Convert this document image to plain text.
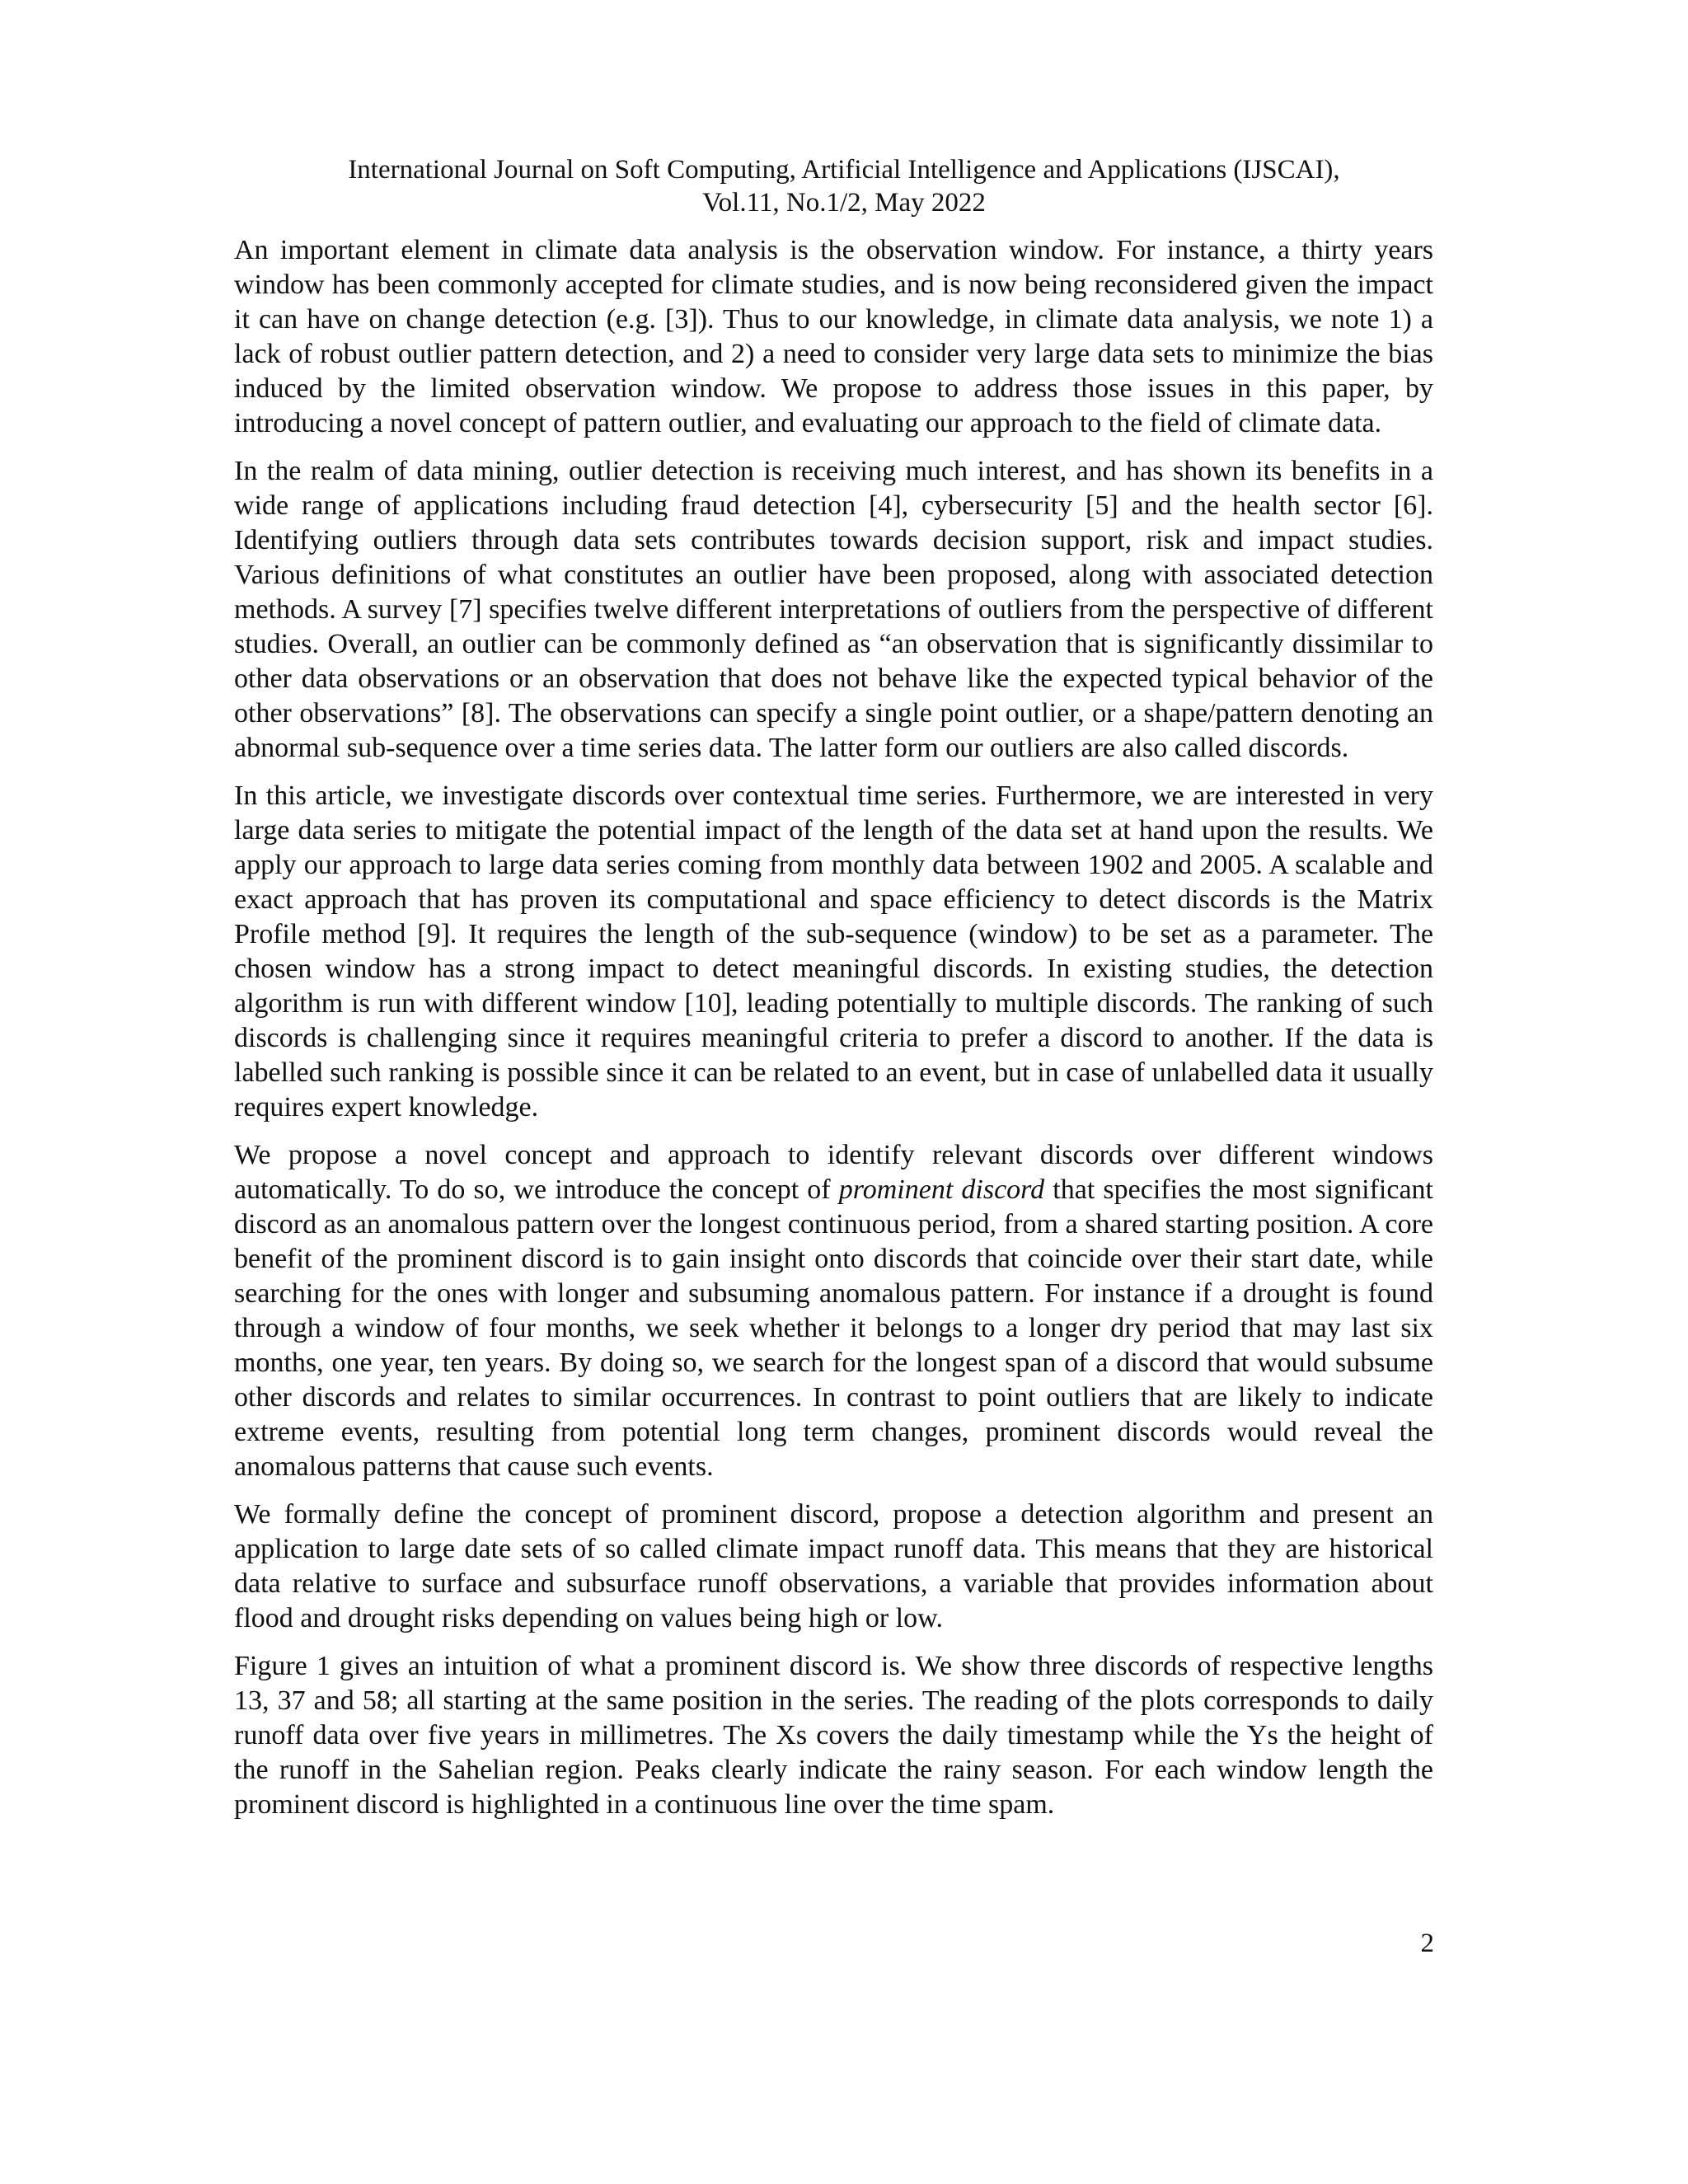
International Journal on Soft Computing, Artificial Intelligence and Applications (IJSCAI),
Vol.11, No.1/2, May 2022

An important element in climate data analysis is the observation window. For instance, a thirty years window has been commonly accepted for climate studies, and is now being reconsidered given the impact it can have on change detection (e.g. [3]). Thus to our knowledge, in climate data analysis, we note 1) a lack of robust outlier pattern detection, and 2) a need to consider very large data sets to minimize the bias induced by the limited observation window. We propose to address those issues in this paper, by introducing a novel concept of pattern outlier, and evaluating our approach to the field of climate data.

In the realm of data mining, outlier detection is receiving much interest, and has shown its benefits in a wide range of applications including fraud detection [4], cybersecurity [5] and the health sector [6]. Identifying outliers through data sets contributes towards decision support, risk and impact studies. Various definitions of what constitutes an outlier have been proposed, along with associated detection methods. A survey [7] specifies twelve different interpretations of outliers from the perspective of different studies. Overall, an outlier can be commonly defined as “an observation that is significantly dissimilar to other data observations or an observation that does not behave like the expected typical behavior of the other observations” [8]. The observations can specify a single point outlier, or a shape/pattern denoting an abnormal sub-sequence over a time series data. The latter form our outliers are also called discords.

In this article, we investigate discords over contextual time series. Furthermore, we are interested in very large data series to mitigate the potential impact of the length of the data set at hand upon the results. We apply our approach to large data series coming from monthly data between 1902 and 2005. A scalable and exact approach that has proven its computational and space efficiency to detect discords is the Matrix Profile method [9]. It requires the length of the sub-sequence (window) to be set as a parameter. The chosen window has a strong impact to detect meaningful discords. In existing studies, the detection algorithm is run with different window [10], leading potentially to multiple discords. The ranking of such discords is challenging since it requires meaningful criteria to prefer a discord to another. If the data is labelled such ranking is possible since it can be related to an event, but in case of unlabelled data it usually requires expert knowledge.

We propose a novel concept and approach to identify relevant discords over different windows automatically. To do so, we introduce the concept of prominent discord that specifies the most significant discord as an anomalous pattern over the longest continuous period, from a shared starting position. A core benefit of the prominent discord is to gain insight onto discords that coincide over their start date, while searching for the ones with longer and subsuming anomalous pattern. For instance if a drought is found through a window of four months, we seek whether it belongs to a longer dry period that may last six months, one year, ten years. By doing so, we search for the longest span of a discord that would subsume other discords and relates to similar occurrences. In contrast to point outliers that are likely to indicate extreme events, resulting from potential long term changes, prominent discords would reveal the anomalous patterns that cause such events.

We formally define the concept of prominent discord, propose a detection algorithm and present an application to large date sets of so called climate impact runoff data. This means that they are historical data relative to surface and subsurface runoff observations, a variable that provides information about flood and drought risks depending on values being high or low.

Figure 1 gives an intuition of what a prominent discord is. We show three discords of respective lengths 13, 37 and 58; all starting at the same position in the series. The reading of the plots corresponds to daily runoff data over five years in millimetres. The Xs covers the daily timestamp while the Ys the height of the runoff in the Sahelian region. Peaks clearly indicate the rainy season. For each window length the prominent discord is highlighted in a continuous line over the time spam.

2
